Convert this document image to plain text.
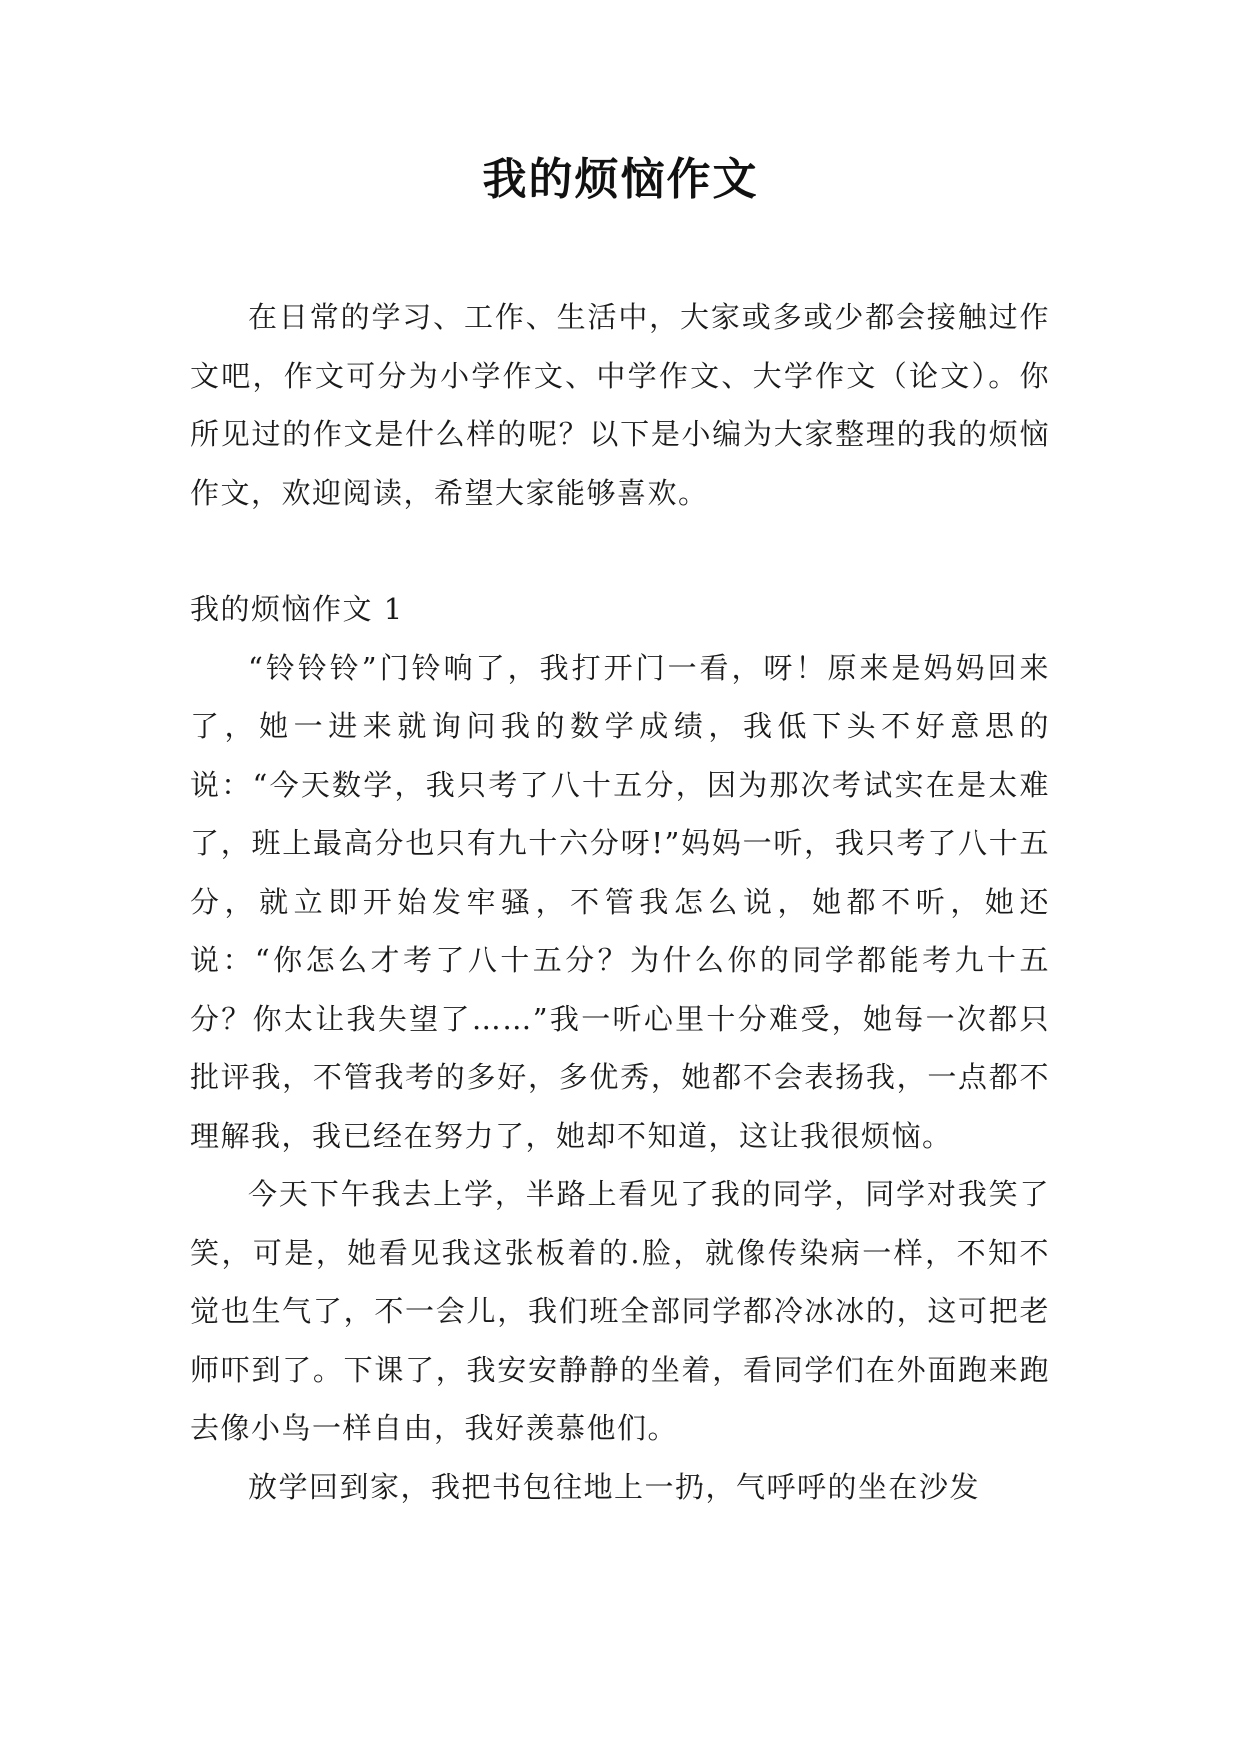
我的烦恼作文

在日常的学习、工作、生活中，大家或多或少都会接触过作文吧，作文可分为小学作文、中学作文、大学作文（论文）。你所见过的作文是什么样的呢？以下是小编为大家整理的我的烦恼作文，欢迎阅读，希望大家能够喜欢。

我的烦恼作文 1

“铃铃铃”门铃响了，我打开门一看，呀！原来是妈妈回来了，她一进来就询问我的数学成绩，我低下头不好意思的说：“今天数学，我只考了八十五分，因为那次考试实在是太难了，班上最高分也只有九十六分呀!”妈妈一听，我只考了八十五分，就立即开始发牢骚，不管我怎么说，她都不听，她还说：“你怎么才考了八十五分？为什么你的同学都能考九十五分？你太让我失望了……”我一听心里十分难受，她每一次都只批评我，不管我考的多好，多优秀，她都不会表扬我，一点都不理解我，我已经在努力了，她却不知道，这让我很烦恼。

今天下午我去上学，半路上看见了我的同学，同学对我笑了笑，可是，她看见我这张板着的.脸，就像传染病一样，不知不觉也生气了，不一会儿，我们班全部同学都冷冰冰的，这可把老师吓到了。下课了，我安安静静的坐着，看同学们在外面跑来跑去像小鸟一样自由，我好羡慕他们。

放学回到家，我把书包往地上一扔，气呼呼的坐在沙发
